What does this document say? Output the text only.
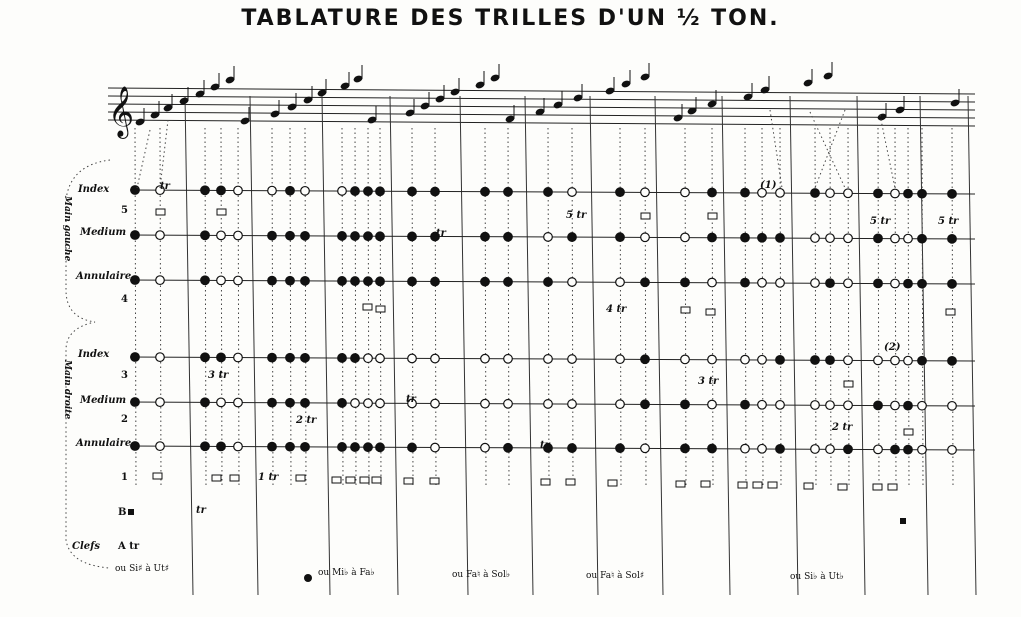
TABLATURE DES TRILLES D'UN ½ TON.
𝄞
Main gauche
Main droite
Index
Medium
Annulaire
Index
Medium
Annulaire
5
4
3
2
1
B
Clefs A tr
ou Si♯ à Ut♯	ou Mi♭ à Fa♭	ou Fa♮ à Sol♭	ou Fa♮ à Sol♯	ou Si♭ à Ut♭
(1)
(2)
3 tr
2 tr
1 tr
4 tr
5 tr
3 tr
2 tr
5 tr	5 tr
tr
tr
tr
tr
tr
